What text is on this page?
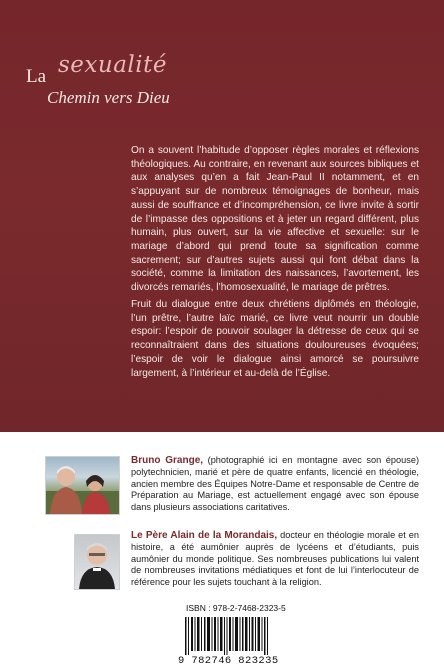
La sexualité
Chemin vers Dieu

On a souvent l’habitude d’opposer règles morales et réflexions théologiques. Au contraire, en revenant aux sources bibliques et aux analyses qu’en a fait Jean-Paul II notamment, et en s’appuyant sur de nombreux témoignages de bonheur, mais aussi de souffrance et d’incompréhension, ce livre invite à sortir de l’impasse des oppositions et à jeter un regard différent, plus humain, plus ouvert, sur la vie affective et sexuelle: sur le mariage d’abord qui prend toute sa signification comme sacrement; sur d’autres sujets aussi qui font débat dans la société, comme la limitation des naissances, l’avortement, les divorcés remariés, l’homosexualité, le mariage de prêtres.

Fruit du dialogue entre deux chrétiens diplômés en théologie, l’un prêtre, l’autre laïc marié, ce livre veut nourrir un double espoir: l’espoir de pouvoir soulager la détresse de ceux qui se reconnaîtraient dans des situations douloureuses évoquées; l’espoir de voir le dialogue ainsi amorcé se poursuivre largement, à l’intérieur et au-delà de l’Église.

Bruno Grange, (photographié ici en montagne avec son épouse) polytechnicien, marié et père de quatre enfants, licencié en théologie, ancien membre des Équipes Notre-Dame et responsable de Centre de Préparation au Mariage, est actuellement engagé avec son épouse dans plusieurs associations caritatives.

Le Père Alain de la Morandais, docteur en théologie morale et en histoire, a été aumônier auprès de lycéens et d’étudiants, puis aumônier du monde politique. Ses nombreuses publications lui valent de nombreuses invitations médiatiques et font de lui l’interlocuteur de référence pour les sujets touchant à la religion.

ISBN : 978-2-7468-2323-5
9 782746 823235
